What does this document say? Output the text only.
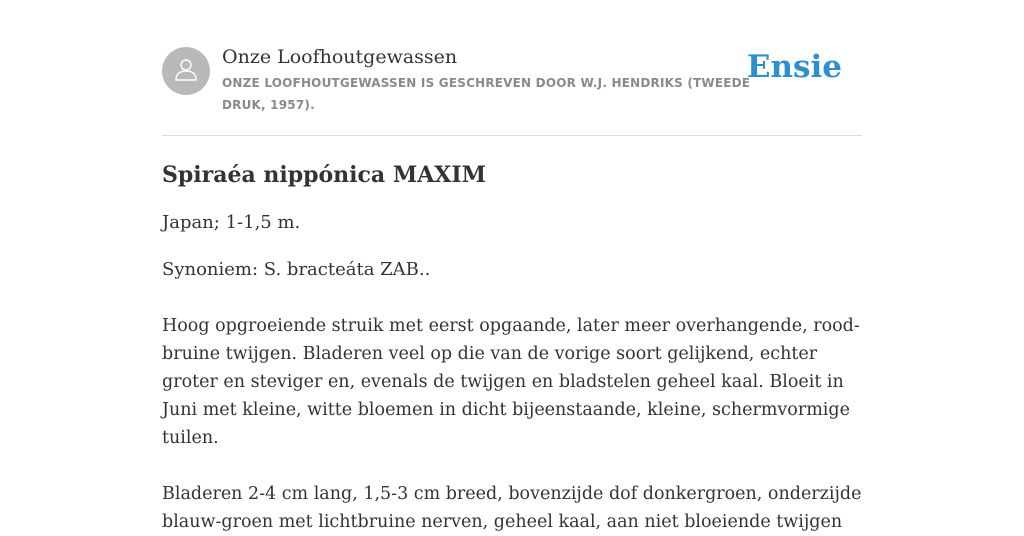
Onze Loofhoutgewassen
ONZE LOOFHOUTGEWASSEN IS GESCHREVEN DOOR W.J. HENDRIKS (TWEEDE DRUK, 1957).
Ensie
Spiraéa nippónica MAXIM

Japan; 1-1,5 m.

Synoniem: S. bracteáta ZAB..

Hoog opgroeiende struik met eerst opgaande, later meer overhangende, rood-bruine twijgen. Bladeren veel op die van de vorige soort gelijkend, echter groter en steviger en, evenals de twijgen en bladstelen geheel kaal. Bloeit in Juni met kleine, witte bloemen in dicht bijeenstaande, kleine, schermvormige tuilen.

Bladeren 2-4 cm lang, 1,5-3 cm breed, bovenzijde dof donkergroen, onderzijde blauw-groen met lichtbruine nerven, geheel kaal, aan niet bloeiende twijgen
